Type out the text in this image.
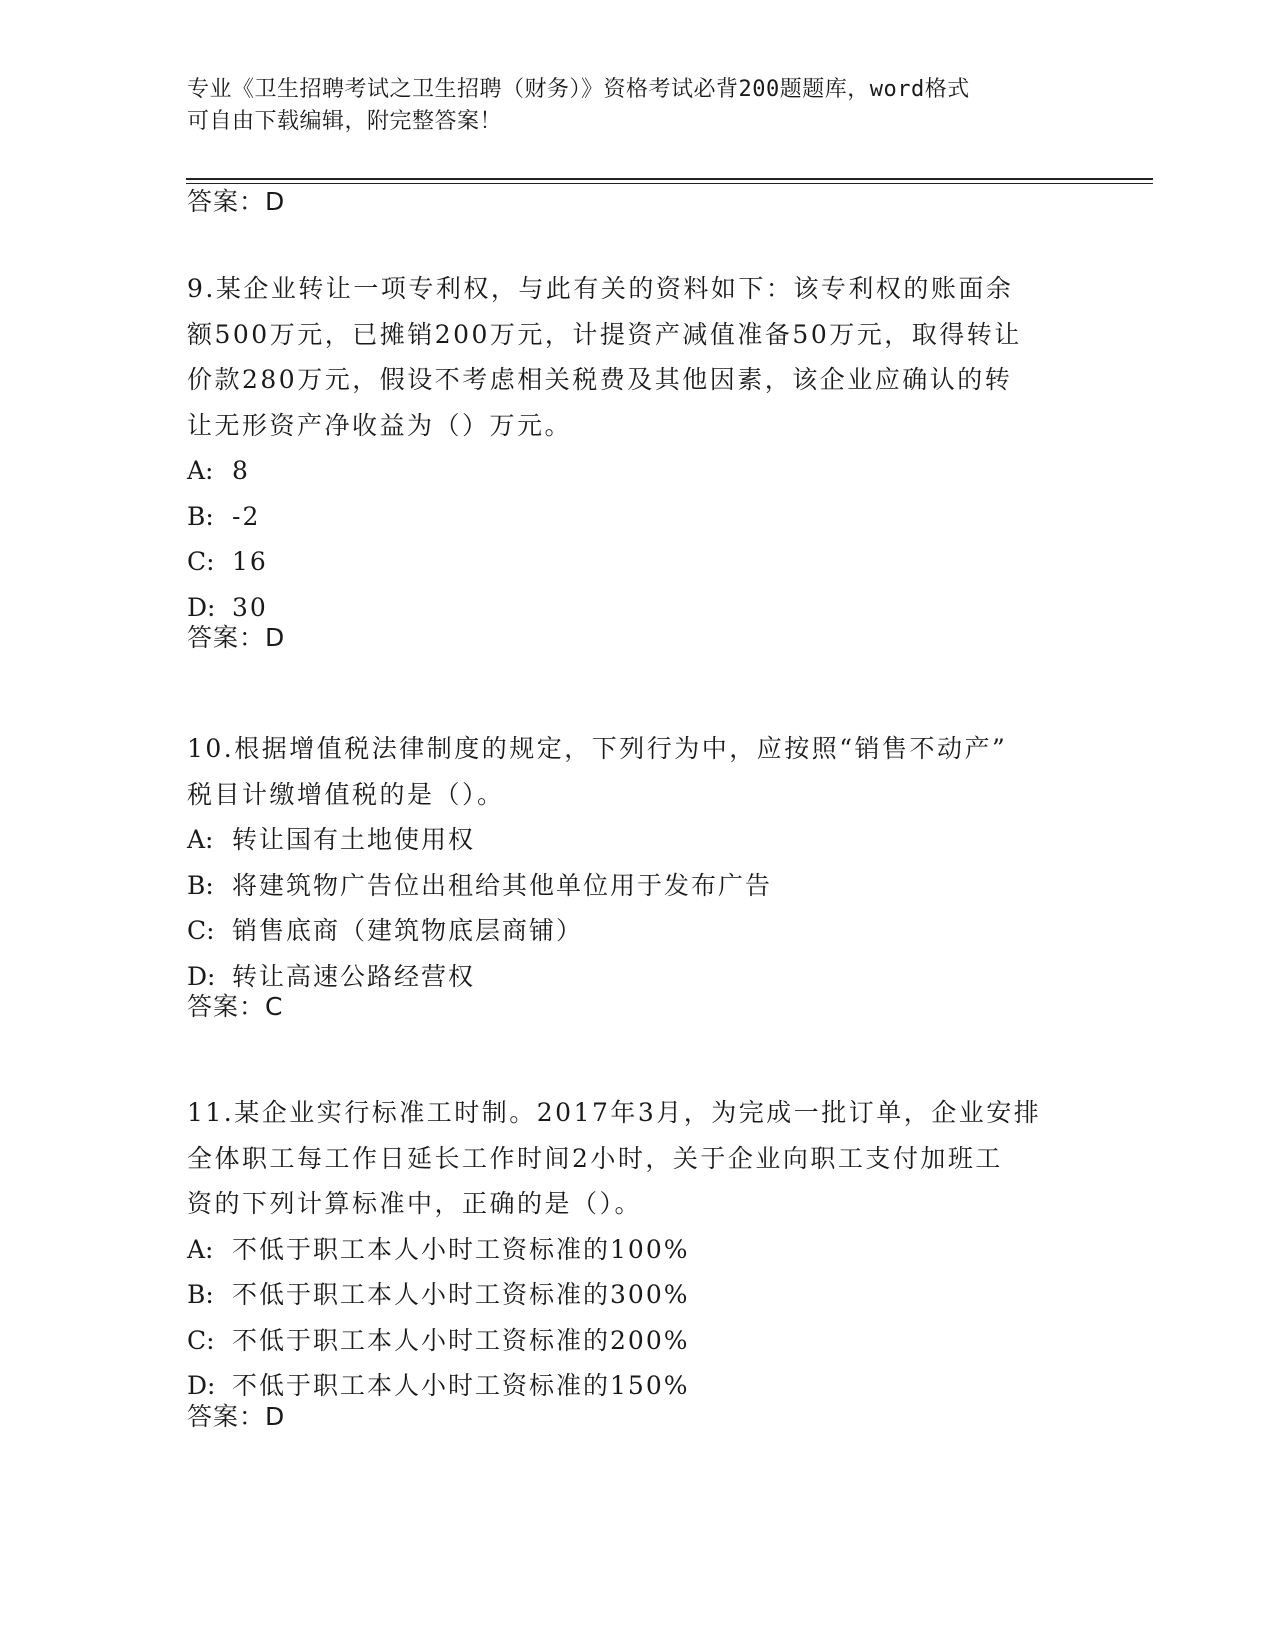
专业《卫生招聘考试之卫生招聘（财务）》资格考试必背200题题库，word格式
可自由下载编辑，附完整答案！
答案：D
9.某企业转让一项专利权，与此有关的资料如下：该专利权的账面余
额500万元，已摊销200万元，计提资产减值准备50万元，取得转让
价款280万元，假设不考虑相关税费及其他因素，该企业应确认的转
让无形资产净收益为（）万元。
A: 8
B: -2
C: 16
D: 30
答案：D
10.根据增值税法律制度的规定，下列行为中，应按照“销售不动产”
税目计缴增值税的是（）。
A: 转让国有土地使用权
B: 将建筑物广告位出租给其他单位用于发布广告
C: 销售底商（建筑物底层商铺）
D: 转让高速公路经营权
答案：C
11.某企业实行标准工时制。2017年3月，为完成一批订单，企业安排
全体职工每工作日延长工作时间2小时，关于企业向职工支付加班工
资的下列计算标准中，正确的是（）。
A: 不低于职工本人小时工资标准的100%
B: 不低于职工本人小时工资标准的300%
C: 不低于职工本人小时工资标准的200%
D: 不低于职工本人小时工资标准的150%
答案：D
